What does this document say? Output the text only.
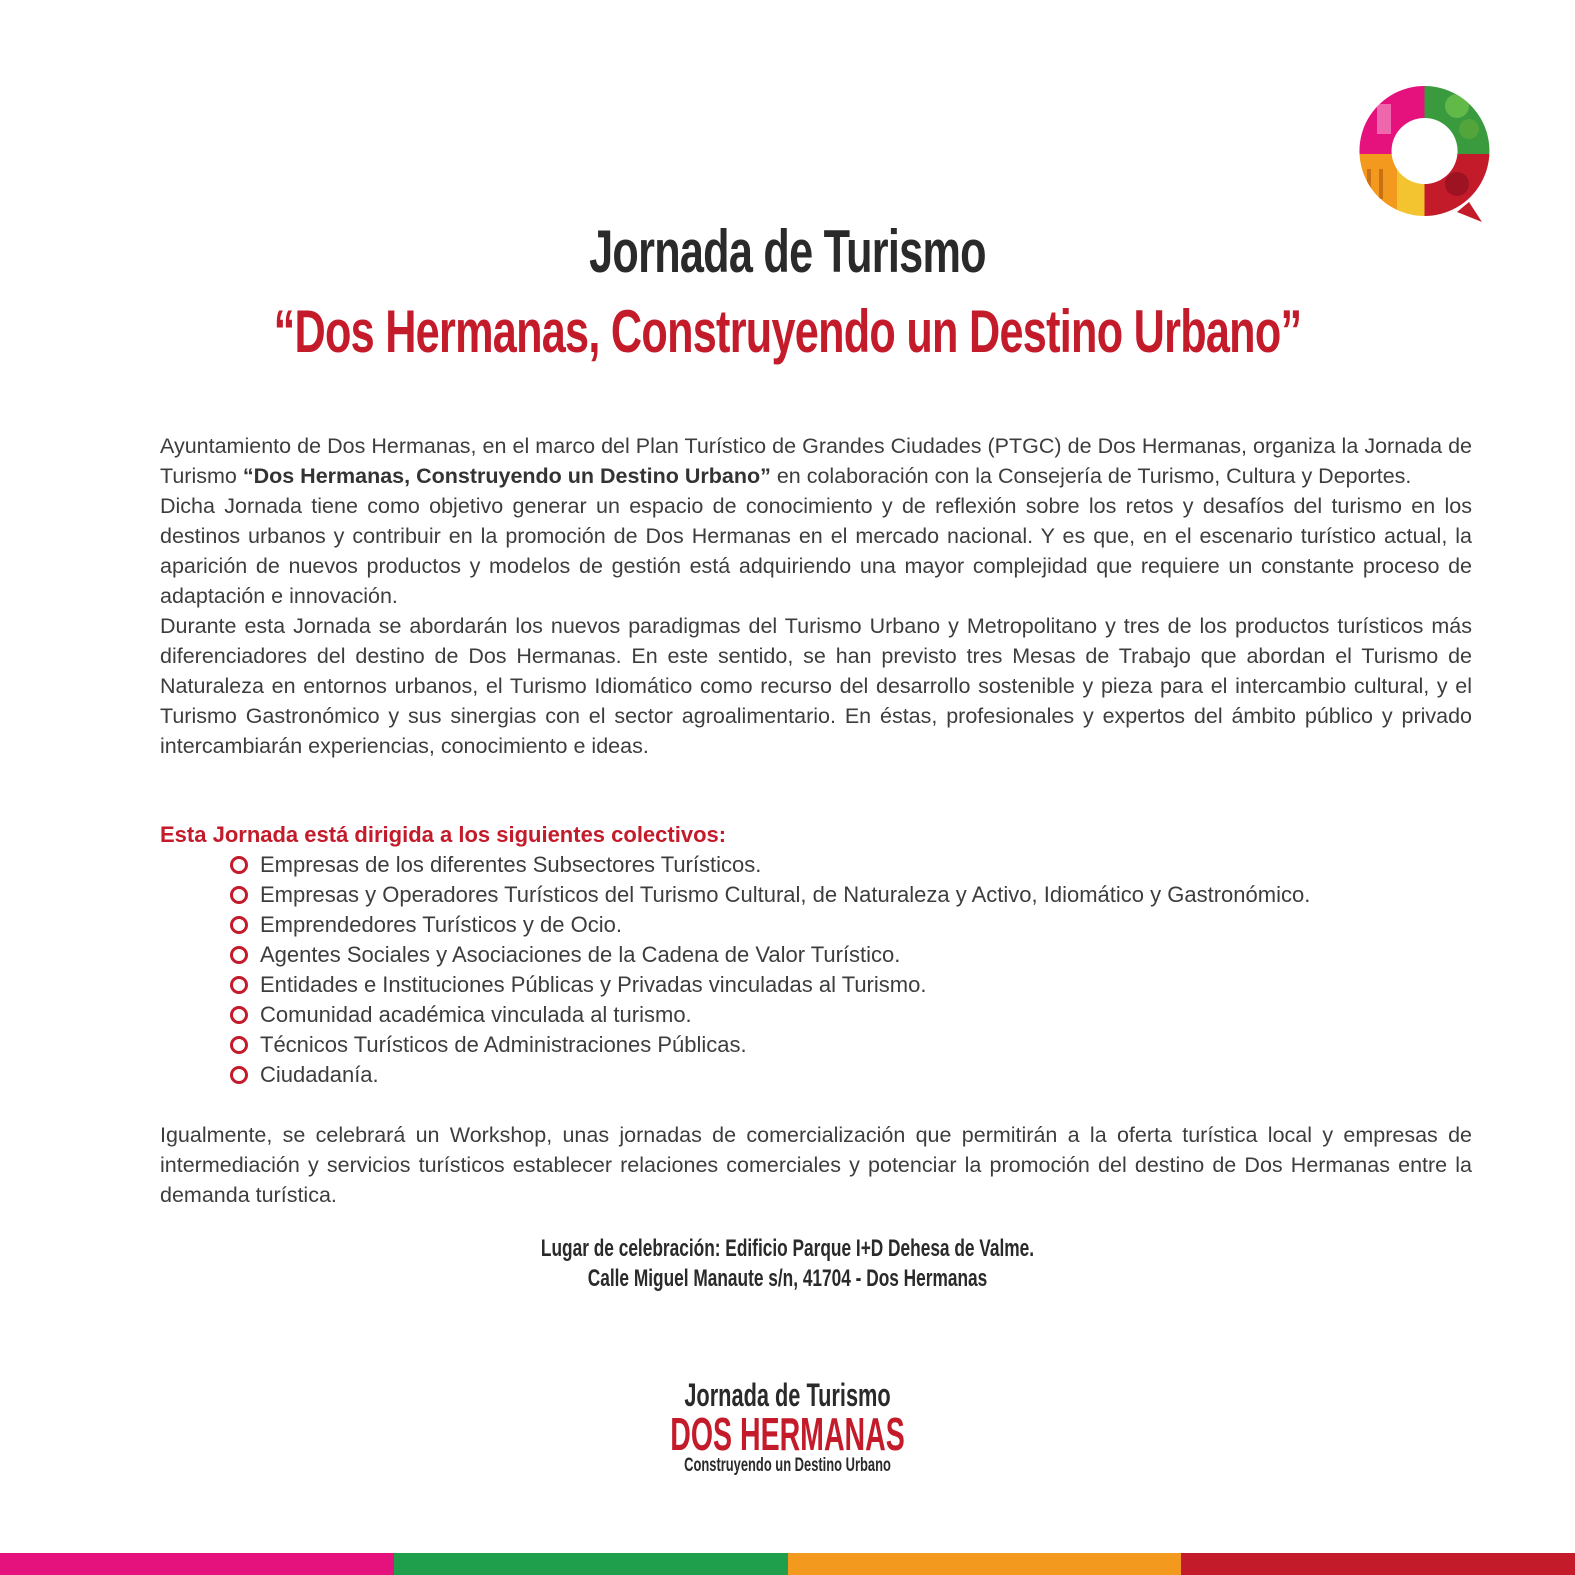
Jornada de Turismo
“Dos Hermanas, Construyendo un Destino Urbano”

Ayuntamiento de Dos Hermanas, en el marco del Plan Turístico de Grandes Ciudades (PTGC) de Dos Hermanas, organiza la Jornada de Turismo “Dos Hermanas, Construyendo un Destino Urbano” en colaboración con la Consejería de Turismo, Cultura y Deportes.

Dicha Jornada tiene como objetivo generar un espacio de conocimiento y de reflexión sobre los retos y desafíos del turismo en los destinos urbanos y contribuir en la promoción de Dos Hermanas en el mercado nacional. Y es que, en el escenario turístico actual, la aparición de nuevos productos y modelos de gestión está adquiriendo una mayor complejidad que requiere un constante proceso de adaptación e innovación.

Durante esta Jornada se abordarán los nuevos paradigmas del Turismo Urbano y Metropolitano y tres de los productos turísticos más diferenciadores del destino de Dos Hermanas. En este sentido, se han previsto tres Mesas de Trabajo que abordan el Turismo de Naturaleza en entornos urbanos, el Turismo Idiomático como recurso del desarrollo sostenible y pieza para el intercambio cultural, y el Turismo Gastronómico y sus sinergias con el sector agroalimentario. En éstas, profesionales y expertos del ámbito público y privado intercambiarán experiencias, conocimiento e ideas.

Esta Jornada está dirigida a los siguientes colectivos:
Empresas de los diferentes Subsectores Turísticos.
Empresas y Operadores Turísticos del Turismo Cultural, de Naturaleza y Activo, Idiomático y Gastronómico.
Emprendedores Turísticos y de Ocio.
Agentes Sociales y Asociaciones de la Cadena de Valor Turístico.
Entidades e Instituciones Públicas y Privadas vinculadas al Turismo.
Comunidad académica vinculada al turismo.
Técnicos Turísticos de Administraciones Públicas.
Ciudadanía.

Igualmente, se celebrará un Workshop, unas jornadas de comercialización que permitirán a la oferta turística local y empresas de intermediación y servicios turísticos establecer relaciones comerciales y potenciar la promoción del destino de Dos Hermanas entre la demanda turística.

Lugar de celebración: Edificio Parque I+D Dehesa de Valme.
Calle Miguel Manaute s/n, 41704 - Dos Hermanas
Jornada de Turismo
DOS HERMANAS
Construyendo un Destino Urbano
